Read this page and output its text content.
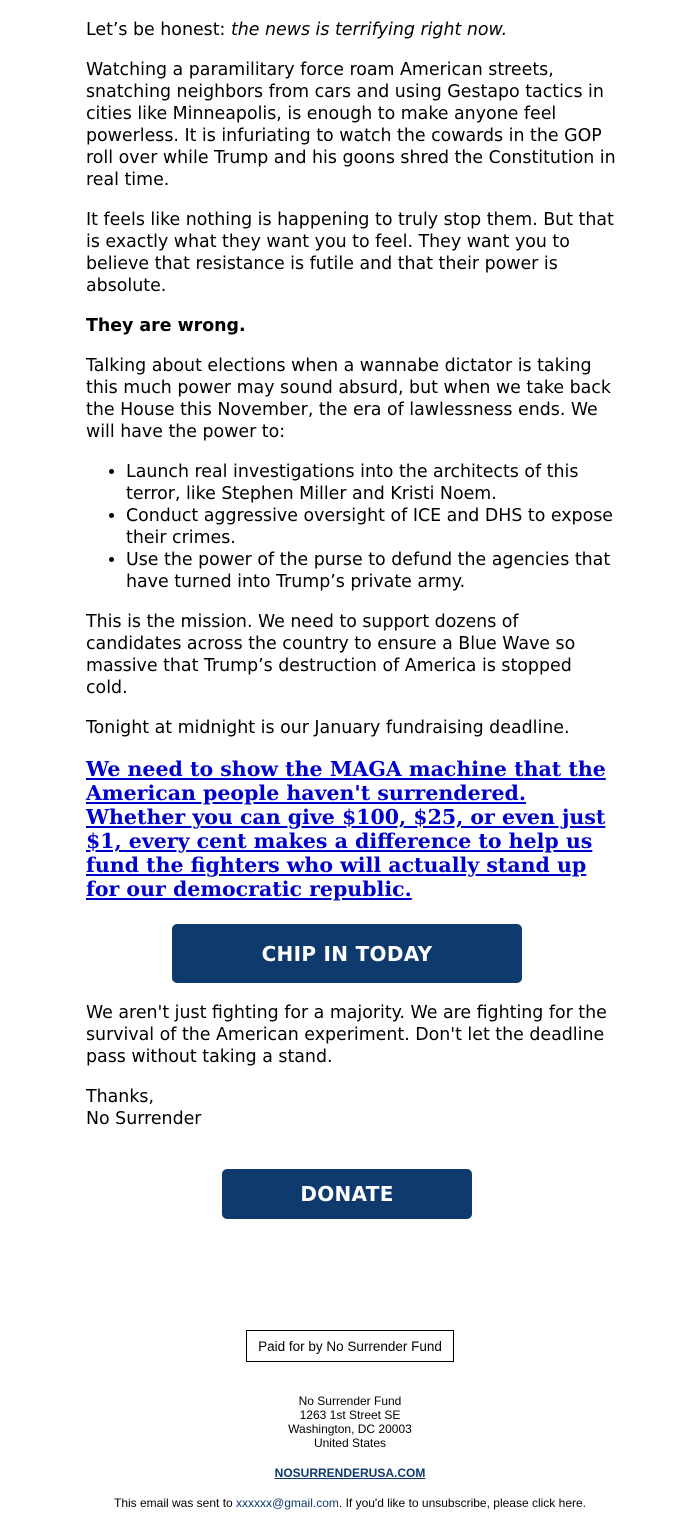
Let’s be honest: the news is terrifying right now.

Watching a paramilitary force roam American streets, snatching neighbors from cars and using Gestapo tactics in cities like Minneapolis, is enough to make anyone feel powerless. It is infuriating to watch the cowards in the GOP roll over while Trump and his goons shred the Constitution in real time.

It feels like nothing is happening to truly stop them. But that is exactly what they want you to feel. They want you to believe that resistance is futile and that their power is absolute.

They are wrong.

Talking about elections when a wannabe dictator is taking this much power may sound absurd, but when we take back the House this November, the era of lawlessness ends. We will have the power to:

• Launch real investigations into the architects of this terror, like Stephen Miller and Kristi Noem.
• Conduct aggressive oversight of ICE and DHS to expose their crimes.
• Use the power of the purse to defund the agencies that have turned into Trump’s private army.

This is the mission. We need to support dozens of candidates across the country to ensure a Blue Wave so massive that Trump’s destruction of America is stopped cold.

Tonight at midnight is our January fundraising deadline.

We need to show the MAGA machine that the American people haven't surrendered. Whether you can give $100, $25, or even just $1, every cent makes a difference to help us fund the fighters who will actually stand up for our democratic republic.
CHIP IN TODAY

We aren't just fighting for a majority. We are fighting for the survival of the American experiment. Don't let the deadline pass without taking a stand.

Thanks,
No Surrender

DONATE
Paid for by No Surrender Fund
No Surrender Fund
1263 1st Street SE
Washington, DC 20003
United States
NOSURRENDERUSA.COM
This email was sent to xxxxxx@gmail.com. If you'd like to unsubscribe, please click here.
